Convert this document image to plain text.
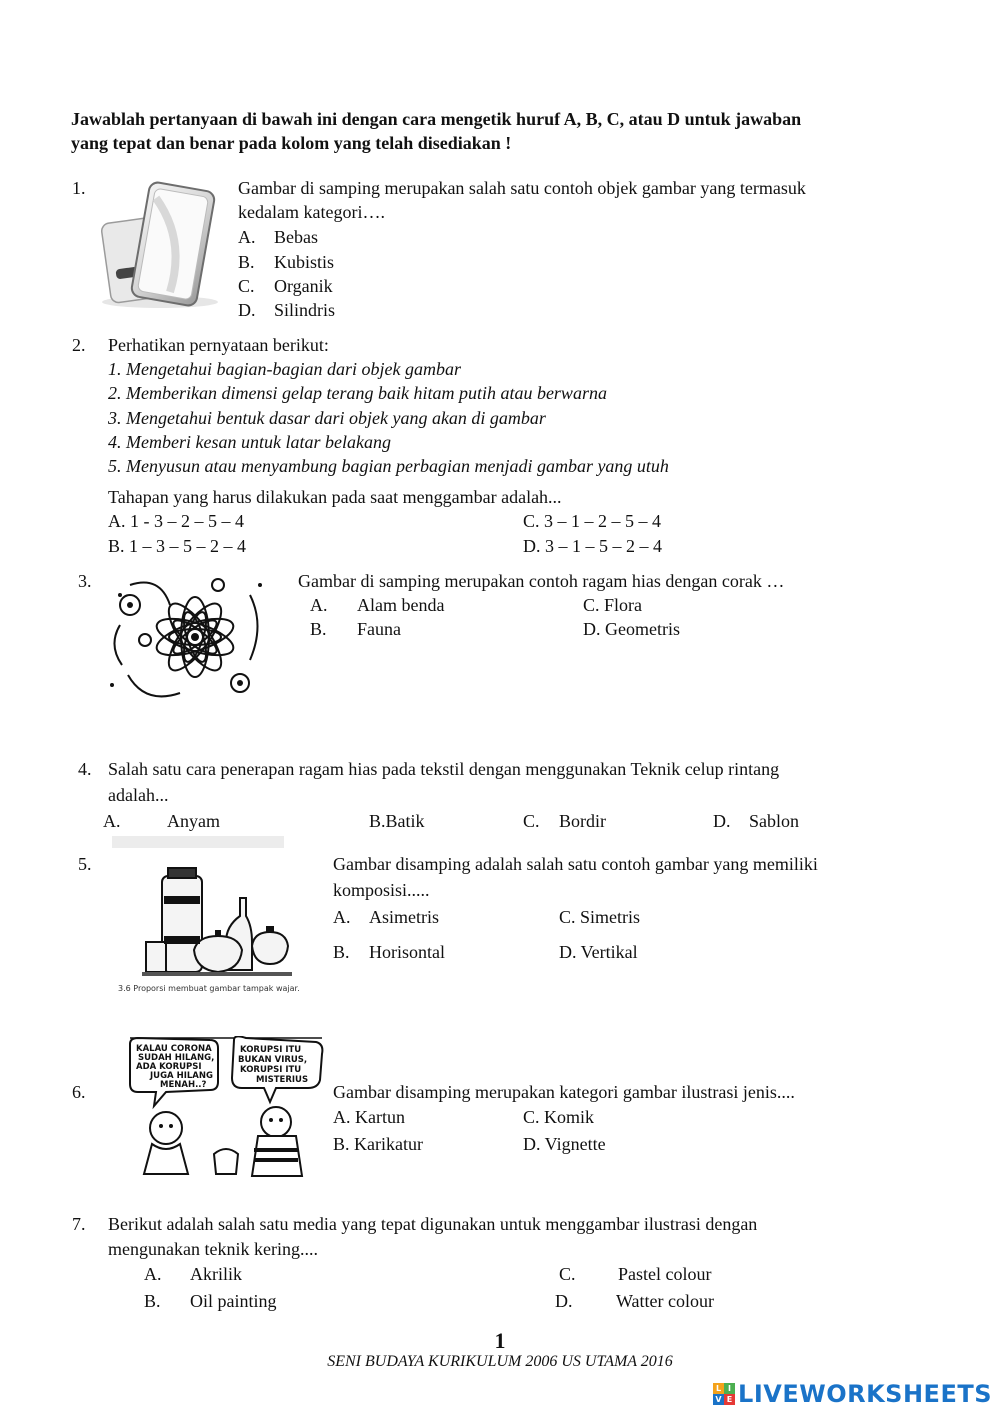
Jawablah pertanyaan di bawah ini dengan cara mengetik huruf A, B, C, atau D untuk jawaban
yang tepat dan benar pada kolom yang telah disediakan !
1.	Gambar di samping merupakan salah satu contoh objek gambar yang termasuk
kedalam kategori….
A. Bebas
B. Kubistis
C. Organik
D. Silindris
2. Perhatikan pernyataan berikut:
1. Mengetahui bagian-bagian dari objek gambar
2. Memberikan dimensi gelap terang baik hitam putih atau berwarna
3. Mengetahui bentuk dasar dari objek yang akan di gambar
4. Memberi kesan untuk latar belakang
5. Menyusun atau menyambung bagian perbagian menjadi gambar yang utuh
Tahapan yang harus dilakukan pada saat menggambar adalah...
A. 1 - 3 – 2 – 5 – 4	C. 3 – 1 – 2 – 5 – 4
B. 1 – 3 – 5 – 2 – 4	D. 3 – 1 – 5 – 2 – 4
3.	Gambar di samping merupakan contoh ragam hias dengan corak …
A. Alam benda	C. Flora
B. Fauna	D. Geometris
4. Salah satu cara penerapan ragam hias pada tekstil dengan menggunakan Teknik celup rintang
adalah...
A.	Anyam	B.Batik	C. Bordir	D. Sablon
5.
3.6 Proporsi membuat gambar tampak wajar.
Gambar disamping adalah salah satu contoh gambar yang memiliki
komposisi.....
A. Asimetris	C. Simetris
B. Horisontal	D. Vertikal
6.
KALAU CORONA
SUDAH HILANG,
ADA KORUPSI
JUGA HILANG
MENAH..?
KORUPSI ITU
BUKAN VIRUS,
KORUPSI ITU
MISTERIUS
Gambar disamping merupakan kategori gambar ilustrasi jenis....
A. Kartun	C. Komik
B. Karikatur	D. Vignette
7. Berikut adalah salah satu media yang tepat digunakan untuk menggambar ilustrasi dengan
mengunakan teknik kering....
A. Akrilik	C. Pastel colour
B. Oil painting	D. Watter colour
1
SENI BUDAYA KURIKULUM 2006 US UTAMA 2016
L I
V E LIVEWORKSHEETS
